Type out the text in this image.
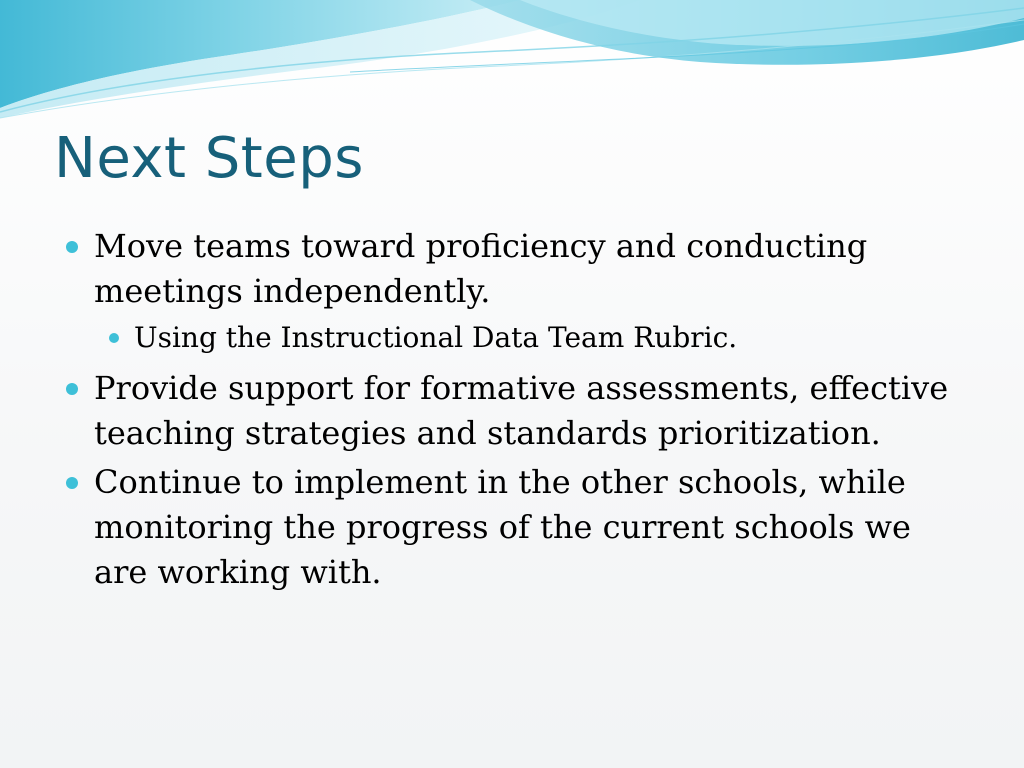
Next Steps
Move teams toward proficiency and conducting meetings independently.
Using the Instructional Data Team Rubric.
Provide support for formative assessments, effective teaching strategies and standards prioritization.
Continue to implement in the other schools, while monitoring the progress of the current schools we are working with.
